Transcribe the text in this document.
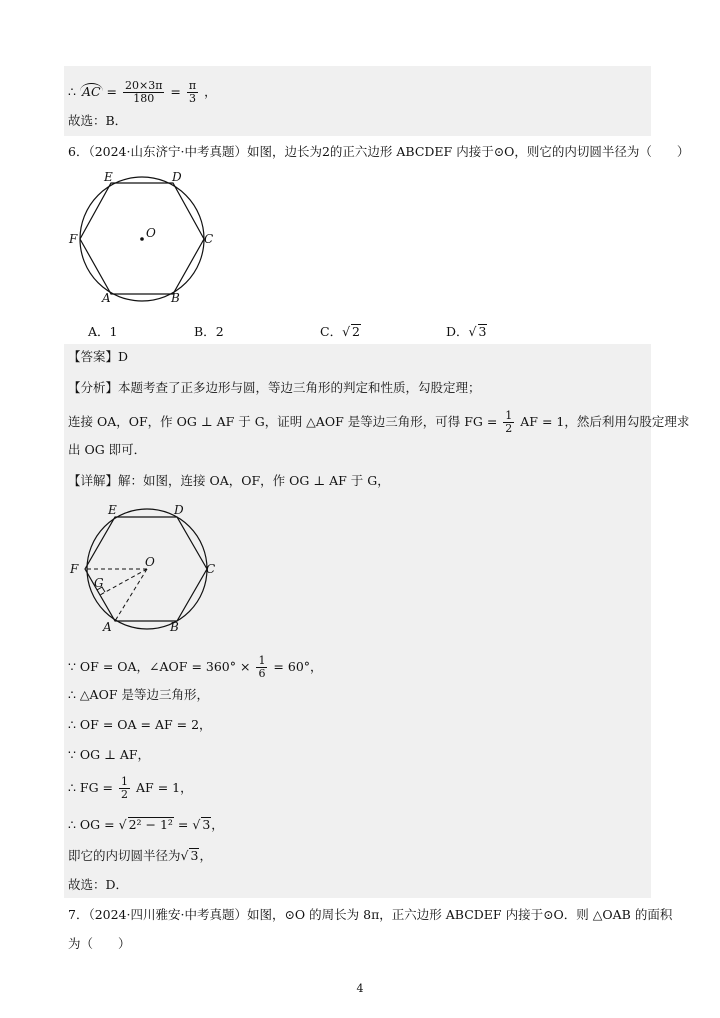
∴ AC = $\frac{20\times 3\pi}{180} = \frac{\pi}{3}$ ，
故选：B．
6．（2024·山东济宁·中考真题）如图，边长为2的正六边形 ABCDEF 内接于⊙O，则它的内切圆半径为（　　）
E	D
F	C
A	B
O
A．1	B．2	C．√ 2	D．√ 3
【答案】D
【分析】本题考查了正多边形与圆，等边三角形的判定和性质，勾股定理；
连接 OA，OF，作 OG ⊥ AF 于 G，证明 △AOF 是等边三角形，可得 FG = $\frac{1}{2}$ AF = 1，然后利用勾股定理求
出 OG 即可．
【详解】解：如图，连接 OA，OF，作 OG ⊥ AF 于 G，
E	D
F	C
A	B
O
G
∵ OF = OA，∠AOF = $360^\circ \times \frac{1}{6} = 60^\circ$，
∴ △AOF 是等边三角形，
∴ OF = OA = AF = 2，
∵ OG ⊥ AF，
∴ FG = $\frac{1}{2}$ AF = 1，
∴ OG = √ 2² − 1² = √ 3，
即它的内切圆半径为√ 3，
故选：D．
7．（2024·四川雅安·中考真题）如图，⊙O 的周长为 8π，正六边形 ABCDEF 内接于⊙O．则 △OAB 的面积
为（　　）
4
